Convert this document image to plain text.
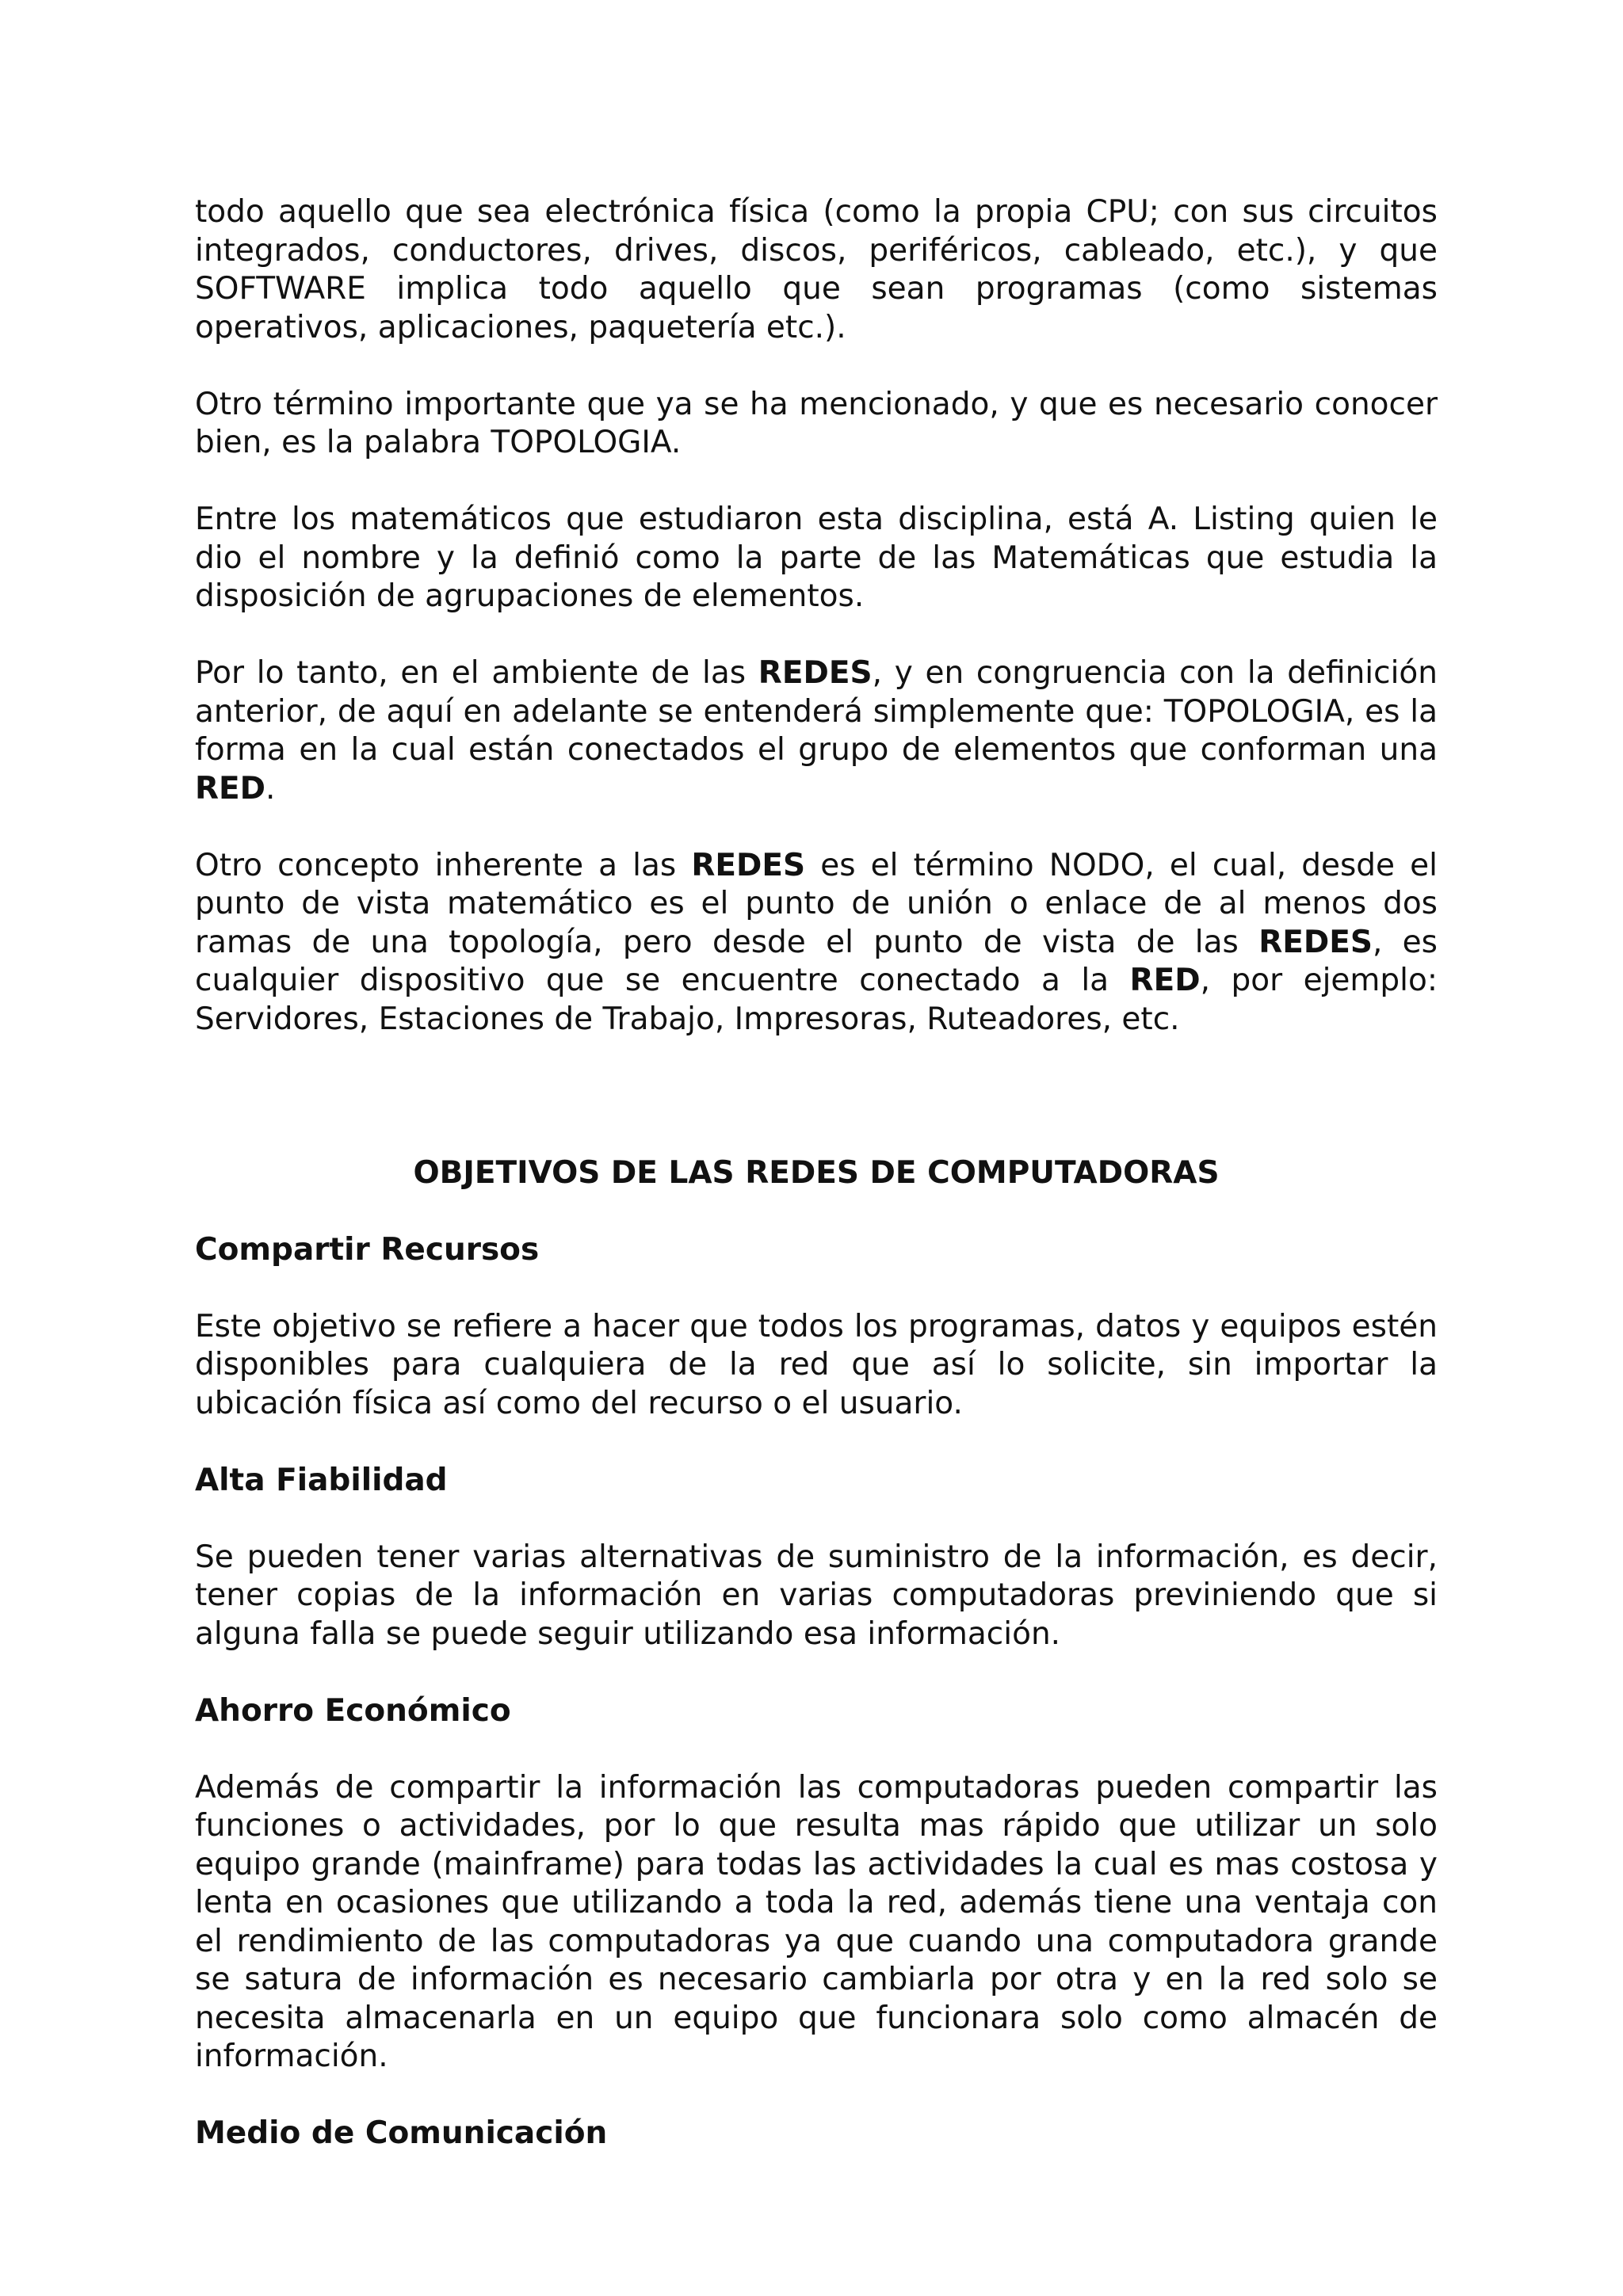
todo aquello que sea electrónica física (como la propia CPU; con sus circuitos integrados, conductores, drives, discos, periféricos, cableado, etc.), y que SOFTWARE implica todo aquello que sean programas (como sistemas operativos, aplicaciones, paquetería etc.).

Otro término importante que ya se ha mencionado, y que es necesario conocer bien, es la palabra TOPOLOGIA.

Entre los matemáticos que estudiaron esta disciplina, está A. Listing quien le dio el nombre y la definió como la parte de las Matemáticas que estudia la disposición de agrupaciones de elementos.

Por lo tanto, en el ambiente de las REDES, y en congruencia con la definición anterior, de aquí en adelante se entenderá simplemente que: TOPOLOGIA, es la forma en la cual están conectados el grupo de elementos que conforman una RED.

Otro concepto inherente a las REDES es el término NODO, el cual, desde el punto de vista matemático es el punto de unión o enlace de al menos dos ramas de una topología, pero desde el punto de vista de las REDES, es cualquier dispositivo que se encuentre conectado a la RED, por ejemplo: Servidores, Estaciones de Trabajo, Impresoras, Ruteadores, etc.

OBJETIVOS DE LAS REDES DE COMPUTADORAS
Compartir Recursos

Este objetivo se refiere a hacer que todos los programas, datos y equipos estén disponibles para cualquiera de la red que así lo solicite, sin importar la ubicación física así como del recurso o el usuario.

Alta Fiabilidad

Se pueden tener varias alternativas de suministro de la información, es decir, tener copias de la información en varias computadoras previniendo que si alguna falla se puede seguir utilizando esa información.

Ahorro Económico

Además de compartir la información las computadoras pueden compartir las funciones o actividades, por lo que resulta mas rápido que utilizar un solo equipo grande (mainframe) para todas las actividades la cual es mas costosa y lenta en ocasiones que utilizando a toda la red, además tiene una ventaja con el rendimiento de las computadoras ya que cuando una computadora grande se satura de información es necesario cambiarla por otra y en la red solo se necesita almacenarla en un equipo que funcionara solo como almacén de información.

Medio de Comunicación
